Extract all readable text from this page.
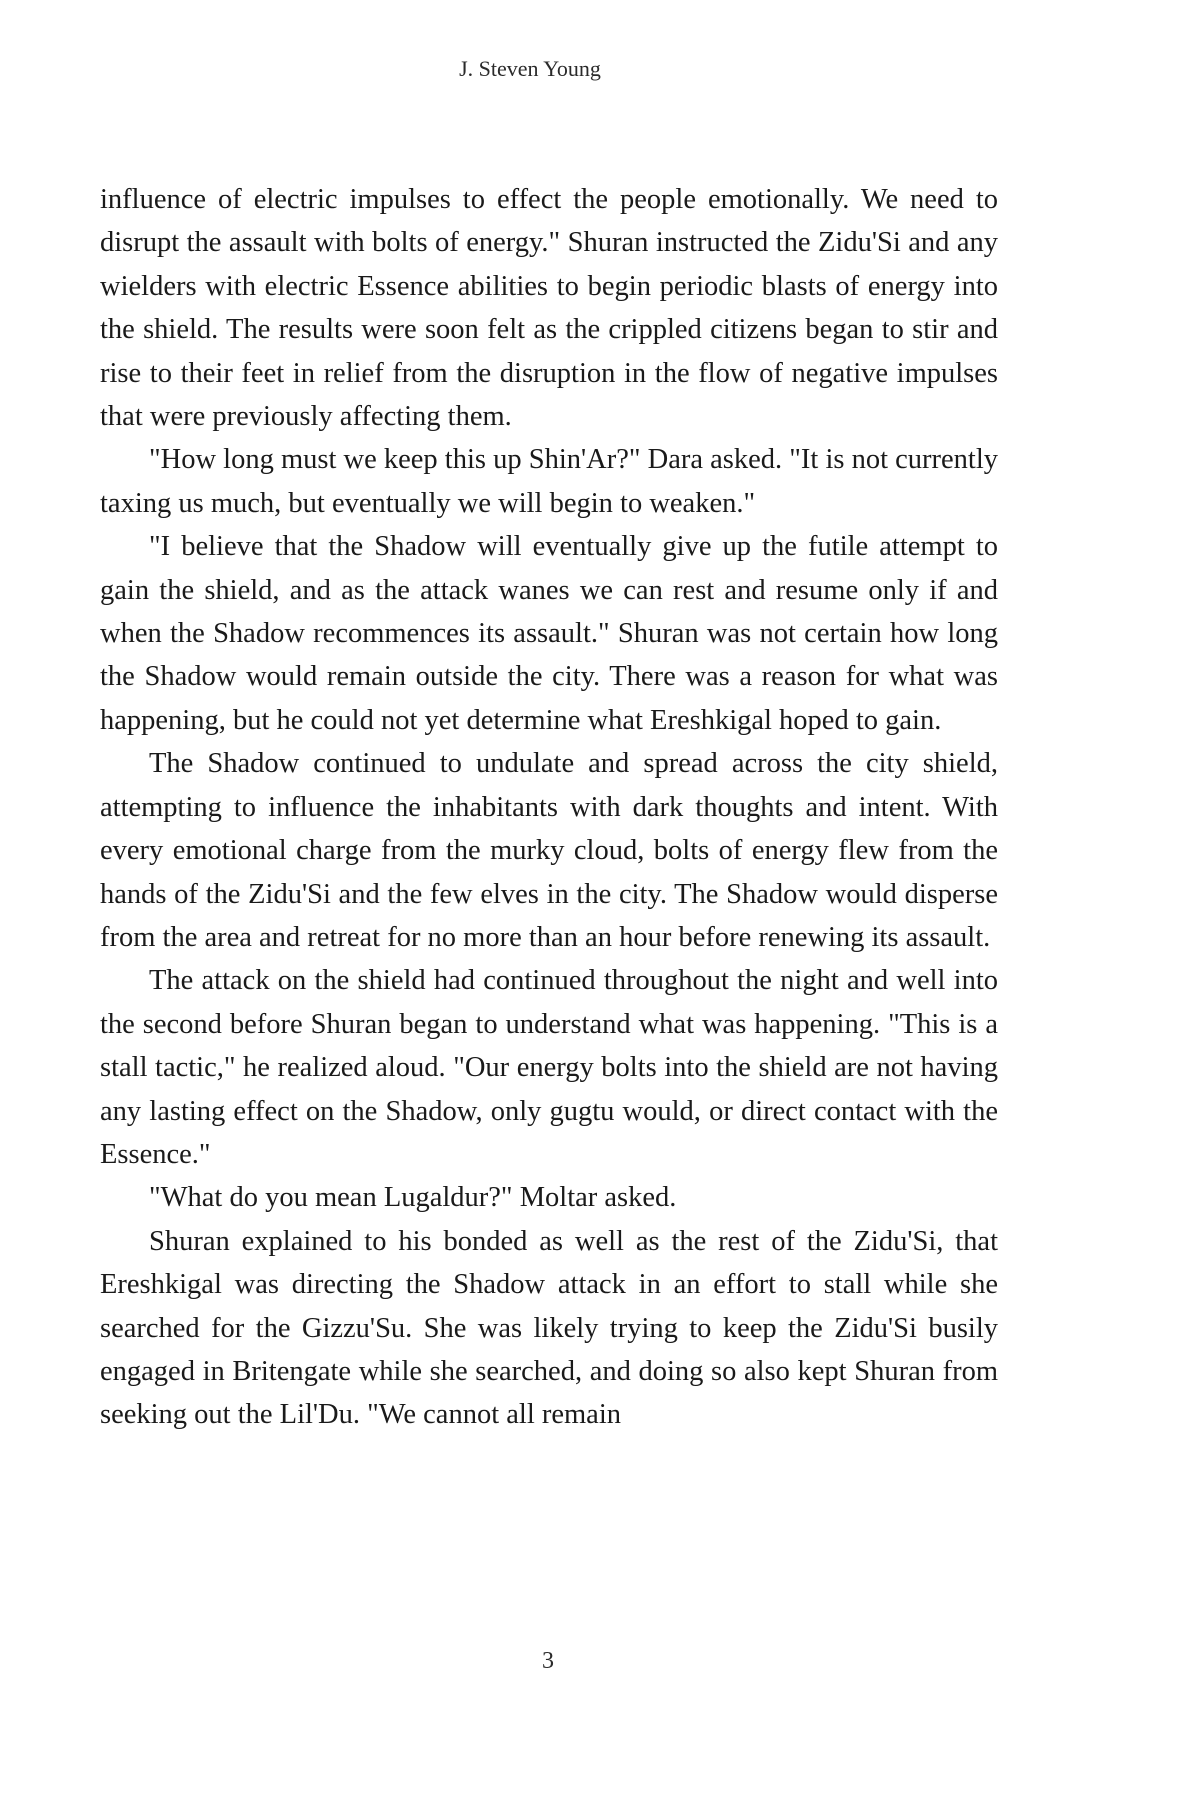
J. Steven Young

influence of electric impulses to effect the people emotionally. We need to disrupt the assault with bolts of energy." Shuran instructed the Zidu'Si and any wielders with electric Essence abilities to begin periodic blasts of energy into the shield. The results were soon felt as the crippled citizens began to stir and rise to their feet in relief from the disruption in the flow of negative impulses that were previously affecting them.

"How long must we keep this up Shin'Ar?" Dara asked. "It is not currently taxing us much, but eventually we will begin to weaken."

"I believe that the Shadow will eventually give up the futile attempt to gain the shield, and as the attack wanes we can rest and resume only if and when the Shadow recommences its assault." Shuran was not certain how long the Shadow would remain outside the city. There was a reason for what was happening, but he could not yet determine what Ereshkigal hoped to gain.

The Shadow continued to undulate and spread across the city shield, attempting to influence the inhabitants with dark thoughts and intent. With every emotional charge from the murky cloud, bolts of energy flew from the hands of the Zidu'Si and the few elves in the city. The Shadow would disperse from the area and retreat for no more than an hour before renewing its assault.

The attack on the shield had continued throughout the night and well into the second before Shuran began to understand what was happening. "This is a stall tactic," he realized aloud. "Our energy bolts into the shield are not having any lasting effect on the Shadow, only gugtu would, or direct contact with the Essence."

"What do you mean Lugaldur?" Moltar asked.

Shuran explained to his bonded as well as the rest of the Zidu'Si, that Ereshkigal was directing the Shadow attack in an effort to stall while she searched for the Gizzu'Su. She was likely trying to keep the Zidu'Si busily engaged in Britengate while she searched, and doing so also kept Shuran from seeking out the Lil'Du. "We cannot all remain

3
